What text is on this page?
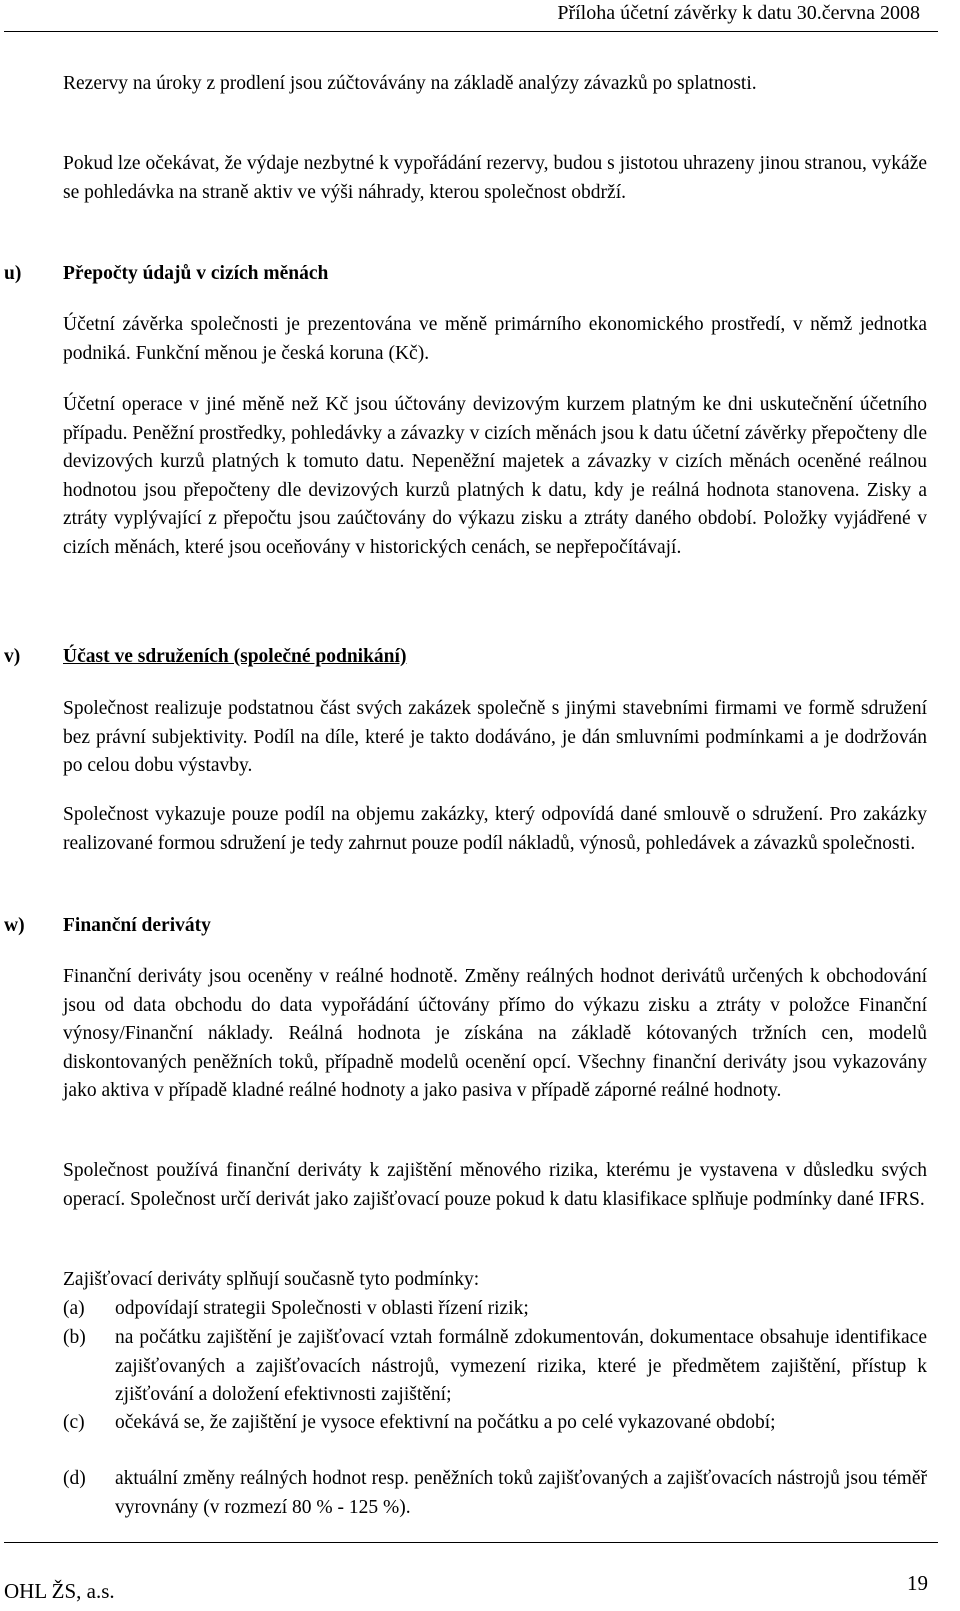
Příloha účetní závěrky k datu 30.června 2008
Rezervy na úroky z prodlení jsou zúčtovávány na základě analýzy závazků po splatnosti.
Pokud lze očekávat, že výdaje nezbytné k vypořádání rezervy, budou s jistotou uhrazeny jinou stranou, vykáže se pohledávka na straně aktiv ve výši náhrady, kterou společnost obdrží.
u) Přepočty údajů v cizích měnách
Účetní závěrka společnosti je prezentována ve měně primárního ekonomického prostředí, v němž jednotka podniká. Funkční měnou je česká koruna (Kč).
Účetní operace v jiné měně než Kč jsou účtovány devizovým kurzem platným ke dni uskutečnění účetního případu. Peněžní prostředky, pohledávky a závazky v cizích měnách jsou k datu účetní závěrky přepočteny dle devizových kurzů platných k tomuto datu. Nepeněžní majetek a závazky v cizích měnách oceněné reálnou hodnotou jsou přepočteny dle devizových kurzů platných k datu, kdy je reálná hodnota stanovena. Zisky a ztráty vyplývající z přepočtu jsou zaúčtovány do výkazu zisku a ztráty daného období. Položky vyjádřené v cizích měnách, které jsou oceňovány v historických cenách, se nepřepočítávají.
v) Účast ve sdruženích (společné podnikání)
Společnost realizuje podstatnou část svých zakázek společně s jinými stavebními firmami ve formě sdružení bez právní subjektivity. Podíl na díle, které je takto dodáváno, je dán smluvními podmínkami a je dodržován po celou dobu výstavby.
Společnost vykazuje pouze podíl na objemu zakázky, který odpovídá dané smlouvě o sdružení. Pro zakázky realizované formou sdružení je tedy zahrnut pouze podíl nákladů, výnosů, pohledávek a závazků společnosti.
w) Finanční deriváty
Finanční deriváty jsou oceněny v reálné hodnotě. Změny reálných hodnot derivátů určených k obchodování jsou od data obchodu do data vypořádání účtovány přímo do výkazu zisku a ztráty v položce Finanční výnosy/Finanční náklady. Reálná hodnota je získána na základě kótovaných tržních cen, modelů diskontovaných peněžních toků, případně modelů ocenění opcí. Všechny finanční deriváty jsou vykazovány jako aktiva v případě kladné reálné hodnoty a jako pasiva v případě záporné reálné hodnoty.
Společnost používá finanční deriváty k zajištění měnového rizika, kterému je vystavena v důsledku svých operací. Společnost určí derivát jako zajišťovací pouze pokud k datu klasifikace splňuje podmínky dané IFRS.
Zajišťovací deriváty splňují současně tyto podmínky:
(a) odpovídají strategii Společnosti v oblasti řízení rizik;
(b) na počátku zajištění je zajišťovací vztah formálně zdokumentován, dokumentace obsahuje identifikace zajišťovaných a zajišťovacích nástrojů, vymezení rizika, které je předmětem zajištění, přístup k zjišťování a doložení efektivnosti zajištění;
(c) očekává se, že zajištění je vysoce efektivní na počátku a po celé vykazované období;
(d) aktuální změny reálných hodnot resp. peněžních toků zajišťovaných a zajišťovacích nástrojů jsou téměř vyrovnány (v rozmezí 80 % - 125 %).
OHL ŽS, a.s.	19
